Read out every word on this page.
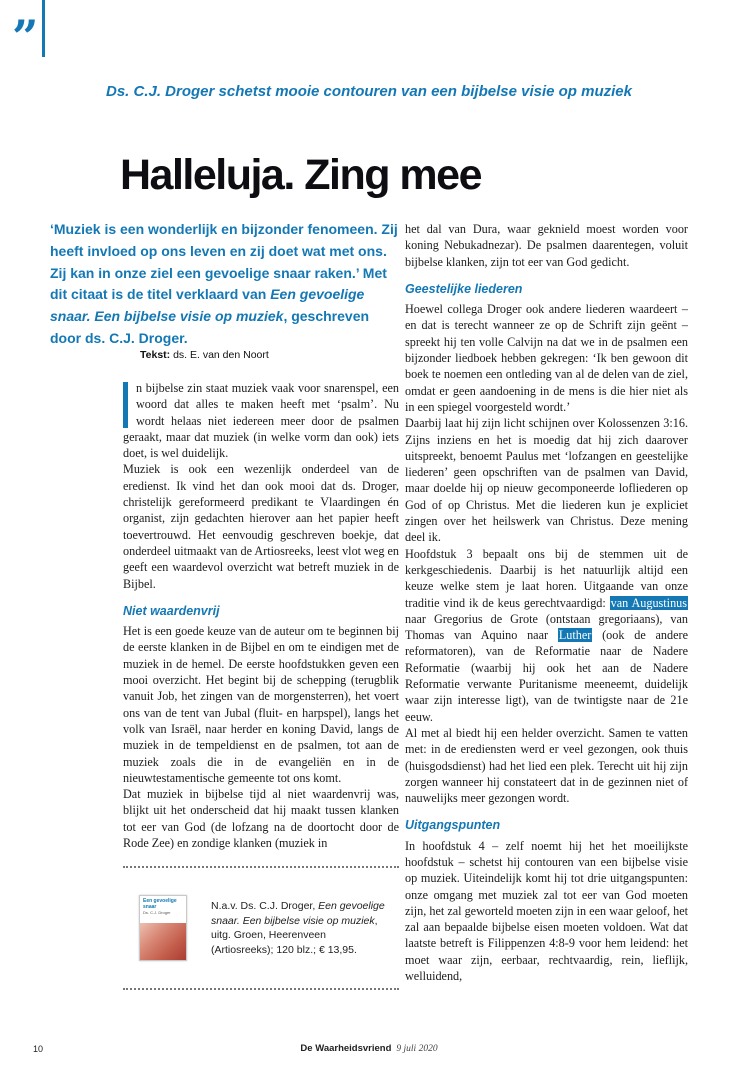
”
Ds. C.J. Droger schetst mooie contouren van een bijbelse visie op muziek
Halleluja. Zing mee
‘Muziek is een wonderlijk en bijzonder fenomeen. Zij heeft invloed op ons leven en zij doet wat met ons. Zij kan in onze ziel een gevoelige snaar raken.’ Met dit citaat is de titel verklaard van Een gevoelige snaar. Een bijbelse visie op muziek, geschreven door ds. C.J. Droger.
Tekst: ds. E. van den Noort

n bijbelse zin staat muziek vaak voor snarenspel, een woord dat alles te maken heeft met ‘psalm’. Nu wordt helaas niet iedereen meer door de psalmen geraakt, maar dat muziek (in welke vorm dan ook) iets doet, is wel duidelijk.

Muziek is ook een wezenlijk onderdeel van de eredienst. Ik vind het dan ook mooi dat ds. Droger, christelijk gereformeerd predikant te Vlaardingen én organist, zijn gedachten hierover aan het papier heeft toevertrouwd. Het eenvoudig geschreven boekje, dat onderdeel uitmaakt van de Artiosreeks, leest vlot weg en geeft een waardevol overzicht wat betreft muziek in de Bijbel.

Niet waardenvrij

Het is een goede keuze van de auteur om te beginnen bij de eerste klanken in de Bijbel en om te eindigen met de muziek in de hemel. De eerste hoofdstukken geven een mooi overzicht. Het begint bij de schepping (terugblik vanuit Job, het zingen van de morgensterren), het voert ons van de tent van Jubal (fluit- en harpspel), langs het volk van Israël, naar herder en koning David, langs de muziek in de tempeldienst en de psalmen, tot aan de muziek zoals die in de evangeliën en in de nieuwtestamentische gemeente tot ons komt.

Dat muziek in bijbelse tijd al niet waardenvrij was, blijkt uit het onderscheid dat hij maakt tussen klanken tot eer van God (de lofzang na de doortocht door de Rode Zee) en zondige klanken (muziek in

Een gevoelige snaar
Ds. C.J. Droger
N.a.v. Ds. C.J. Droger, Een gevoelige snaar. Een bijbelse visie op muziek, uitg. Groen, Heerenveen (Artiosreeks); 120 blz.; € 13,95.

het dal van Dura, waar geknield moest worden voor koning Nebukadnezar). De psalmen daarentegen, voluit bijbelse klanken, zijn tot eer van God gedicht.

Geestelijke liederen

Hoewel collega Droger ook andere liederen waardeert – en dat is terecht wanneer ze op de Schrift zijn geënt – spreekt hij ten volle Calvijn na dat we in de psalmen een bijzonder liedboek hebben gekregen: ‘Ik ben gewoon dit boek te noemen een ontleding van al de delen van de ziel, omdat er geen aandoening in de mens is die hier niet als in een spiegel voorgesteld wordt.’

Daarbij laat hij zijn licht schijnen over Kolossenzen 3:16. Zijns inziens en het is moedig dat hij zich daarover uitspreekt, benoemt Paulus met ‘lofzangen en geestelijke liederen’ geen opschriften van de psalmen van David, maar doelde hij op nieuw gecomponeerde lofliederen op God of op Christus. Met die liederen kun je expliciet zingen over het heilswerk van Christus. Deze mening deel ik.

Hoofdstuk 3 bepaalt ons bij de stemmen uit de kerkgeschiedenis. Daarbij is het natuurlijk altijd een keuze welke stem je laat horen. Uitgaande van onze traditie vind ik de keus gerechtvaardigd: van Augustinus naar Gregorius de Grote (ontstaan gregoriaans), van Thomas van Aquino naar Luther (ook de andere reformatoren), van de Reformatie naar de Nadere Reformatie (waarbij hij ook het aan de Nadere Reformatie verwante Puritanisme meeneemt, duidelijk waar zijn interesse ligt), van de twintigste naar de 21e eeuw.

Al met al biedt hij een helder overzicht. Samen te vatten met: in de erediensten werd er veel gezongen, ook thuis (huisgodsdienst) had het lied een plek. Terecht uit hij zijn zorgen wanneer hij constateert dat in de gezinnen niet of nauwelijks meer gezongen wordt.

Uitgangspunten

In hoofdstuk 4 – zelf noemt hij het het moeilijkste hoofdstuk – schetst hij contouren van een bijbelse visie op muziek. Uiteindelijk komt hij tot drie uitgangspunten: onze omgang met muziek zal tot eer van God moeten zijn, het zal geworteld moeten zijn in een waar geloof, het zal aan bepaalde bijbelse eisen moeten voldoen. Wat dat laatste betreft is Filippenzen 4:8-9 voor hem leidend: het moet waar zijn, eerbaar, rechtvaardig, rein, lieflijk, welluidend,

10	De Waarheidsvriend 9 juli 2020
